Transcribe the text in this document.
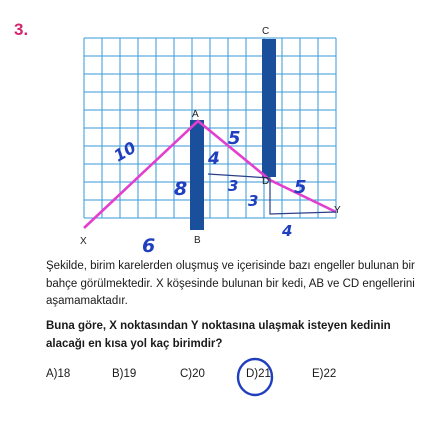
3.
A
B
C
D
X
Y
10
6
8
4
3
3
5
5
4

Şekilde, birim karelerden oluşmuş ve içerisinde bazı engeller bulunan bir bahçe görülmektedir. X köşesinde bulunan bir kedi, AB ve CD engellerini aşamamaktadır.

Buna göre, X noktasından Y noktasına ulaşmak isteyen kedinin alacağı en kısa yol kaç birimdir?

A)18	B)19	C)20	D)21	E)22
